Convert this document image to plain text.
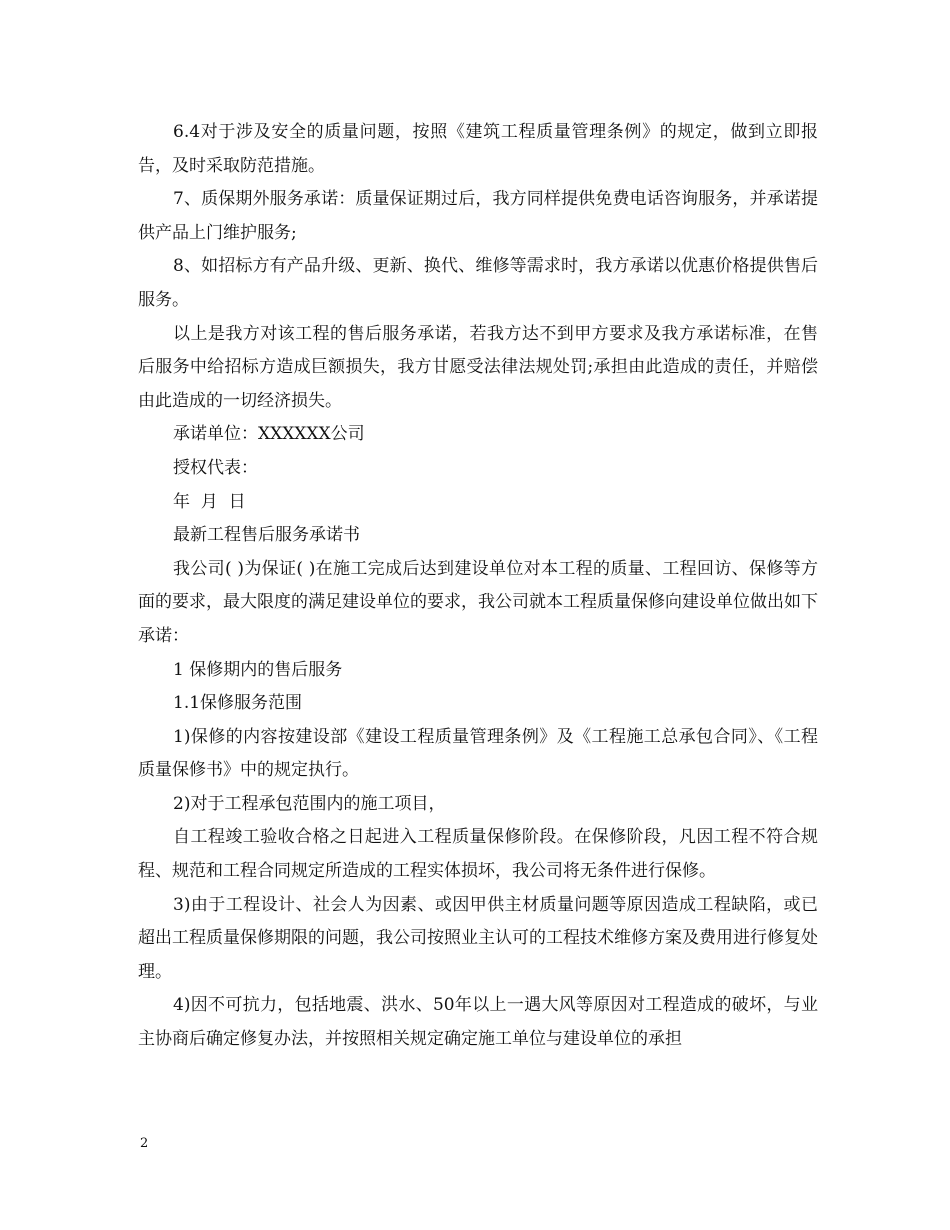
6.4对于涉及安全的质量问题，按照《建筑工程质量管理条例》的规定，做到立即报告，及时采取防范措施。

7、质保期外服务承诺：质量保证期过后，我方同样提供免费电话咨询服务，并承诺提供产品上门维护服务;

8、如招标方有产品升级、更新、换代、维修等需求时，我方承诺以优惠价格提供售后服务。

以上是我方对该工程的售后服务承诺，若我方达不到甲方要求及我方承诺标准，在售后服务中给招标方造成巨额损失，我方甘愿受法律法规处罚;承担由此造成的责任，并赔偿由此造成的一切经济损失。

承诺单位：XXXXXX公司

授权代表：

年  月  日

最新工程售后服务承诺书

我公司( )为保证( )在施工完成后达到建设单位对本工程的质量、工程回访、保修等方面的要求，最大限度的满足建设单位的要求，我公司就本工程质量保修向建设单位做出如下承诺：

1 保修期内的售后服务

1.1保修服务范围

1)保修的内容按建设部《建设工程质量管理条例》及《工程施工总承包合同》、《工程质量保修书》中的规定执行。

2)对于工程承包范围内的施工项目，

自工程竣工验收合格之日起进入工程质量保修阶段。在保修阶段，凡因工程不符合规程、规范和工程合同规定所造成的工程实体损坏，我公司将无条件进行保修。

3)由于工程设计、社会人为因素、或因甲供主材质量问题等原因造成工程缺陷，或已超出工程质量保修期限的问题，我公司按照业主认可的工程技术维修方案及费用进行修复处理。

4)因不可抗力，包括地震、洪水、50年以上一遇大风等原因对工程造成的破坏，与业主协商后确定修复办法，并按照相关规定确定施工单位与建设单位的承担

2
